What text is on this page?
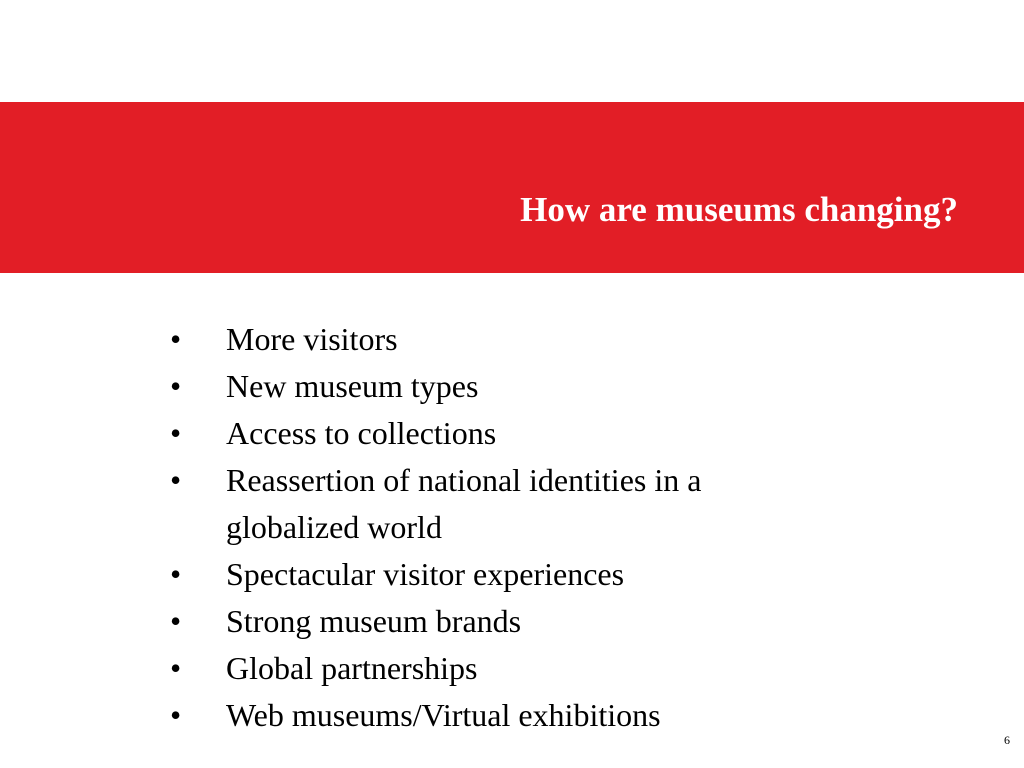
How are museums changing?
•	More visitors
•	New museum types
•	Access to collections
•	Reassertion of national identities in a globalized world
•	Spectacular visitor experiences
•	Strong museum brands
•	Global partnerships
•	Web museums/Virtual exhibitions
6
